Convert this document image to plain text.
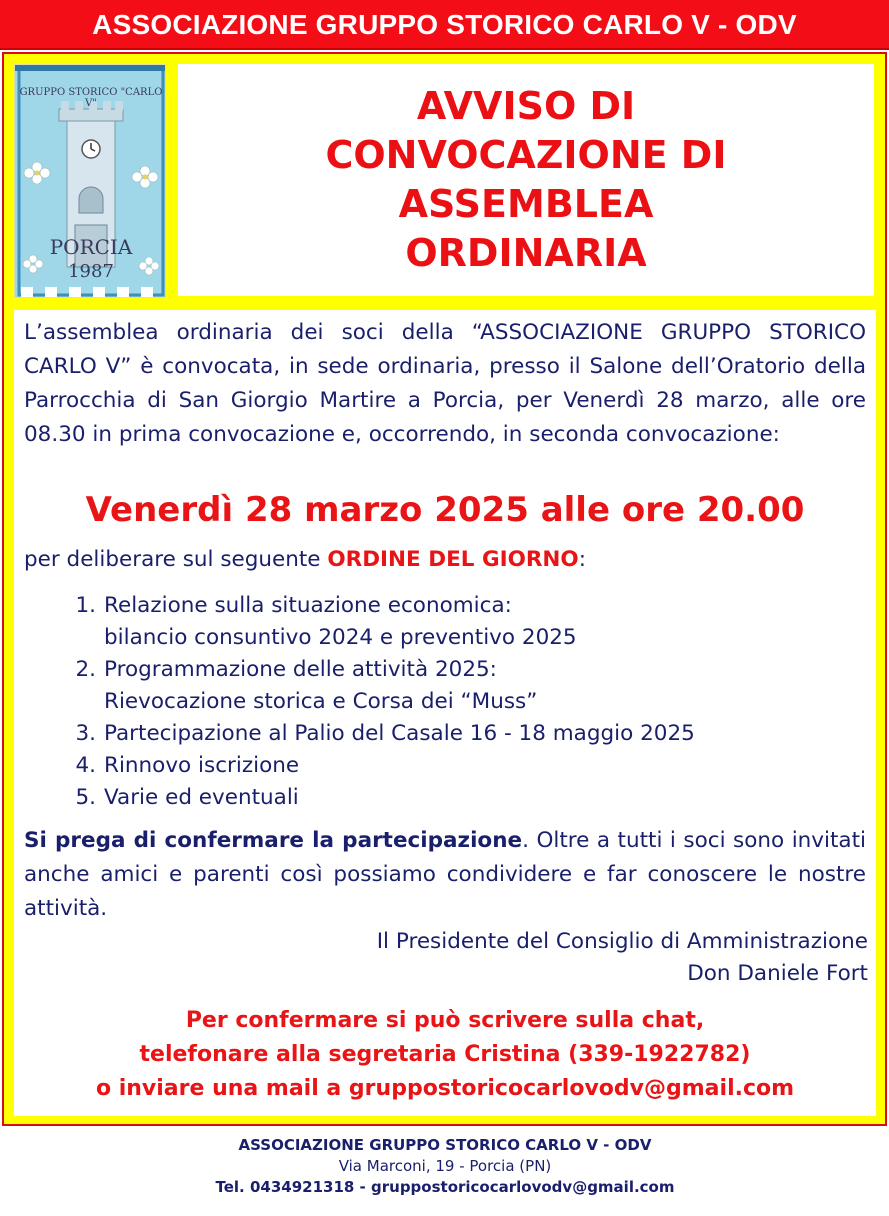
ASSOCIAZIONE GRUPPO STORICO CARLO V - ODV
GRUPPO STORICO "CARLO V"
PORCIA
1987
AVVISO DI
CONVOCAZIONE DI
ASSEMBLEA
ORDINARIA

L’assemblea ordinaria dei soci della “ASSOCIAZIONE GRUPPO STORICO CARLO V” è convocata, in sede ordinaria, presso il Salone dell’Oratorio della Parrocchia di San Giorgio Martire a Porcia, per Venerdì 28 marzo, alle ore 08.30 in prima convocazione e, occorrendo, in seconda convocazione:

Venerdì 28 marzo 2025 alle ore 20.00

per deliberare sul seguente ORDINE DEL GIORNO:

1. Relazione sulla situazione economica:
bilancio consuntivo 2024 e preventivo 2025
2. Programmazione delle attività 2025:
Rievocazione storica e Corsa dei “Muss”
3. Partecipazione al Palio del Casale 16 - 18 maggio 2025
4. Rinnovo iscrizione
5. Varie ed eventuali

Si prega di confermare la partecipazione. Oltre a tutti i soci sono invitati anche amici e parenti così possiamo condividere e far conoscere le nostre attività.

Il Presidente del Consiglio di Amministrazione
Don Daniele Fort
Per confermare si può scrivere sulla chat,
telefonare alla segretaria Cristina (339-1922782)
o inviare una mail a gruppostoricocarlovodv@gmail.com
ASSOCIAZIONE GRUPPO STORICO CARLO V - ODV
Via Marconi, 19 - Porcia (PN)
Tel. 0434921318 - gruppostoricocarlovodv@gmail.com
